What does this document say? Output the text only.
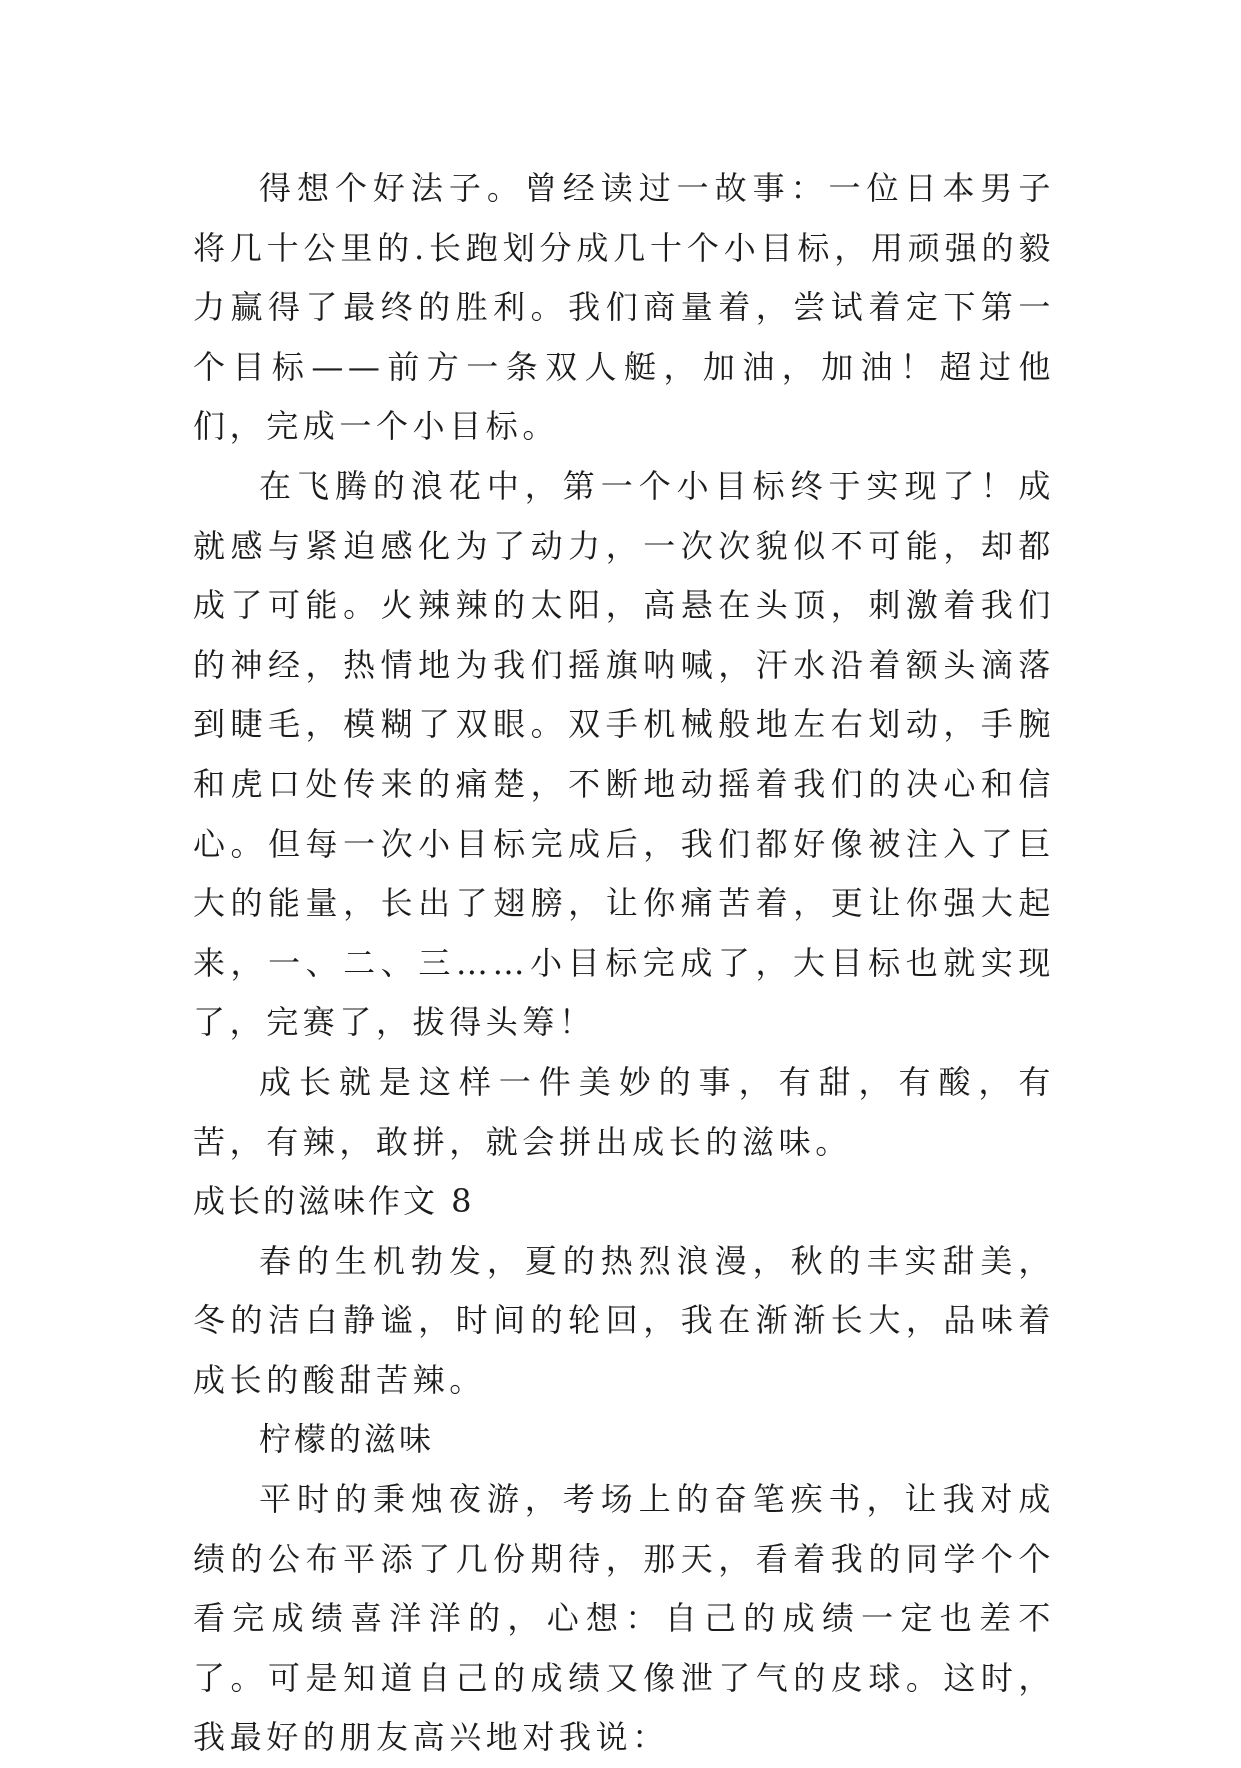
得想个好法子。曾经读过一故事：一位日本男子将几十公里的.长跑划分成几十个小目标，用顽强的毅力赢得了最终的胜利。我们商量着，尝试着定下第一个目标——前方一条双人艇，加油，加油！超过他们，完成一个小目标。

在飞腾的浪花中，第一个小目标终于实现了！成就感与紧迫感化为了动力，一次次貌似不可能，却都成了可能。火辣辣的太阳，高悬在头顶，刺激着我们的神经，热情地为我们摇旗呐喊，汗水沿着额头滴落到睫毛，模糊了双眼。双手机械般地左右划动，手腕和虎口处传来的痛楚，不断地动摇着我们的决心和信心。但每一次小目标完成后，我们都好像被注入了巨大的能量，长出了翅膀，让你痛苦着，更让你强大起来，一、二、三……小目标完成了，大目标也就实现了，完赛了，拔得头筹！

成长就是这样一件美妙的事，有甜，有酸，有苦，有辣，敢拼，就会拼出成长的滋味。

成长的滋味作文 8

春的生机勃发，夏的热烈浪漫，秋的丰实甜美，冬的洁白静谧，时间的轮回，我在渐渐长大，品味着成长的酸甜苦辣。

柠檬的滋味

平时的秉烛夜游，考场上的奋笔疾书，让我对成绩的公布平添了几份期待，那天，看着我的同学个个看完成绩喜洋洋的，心想：自己的成绩一定也差不了。可是知道自己的成绩又像泄了气的皮球。这时，我最好的朋友高兴地对我说：
